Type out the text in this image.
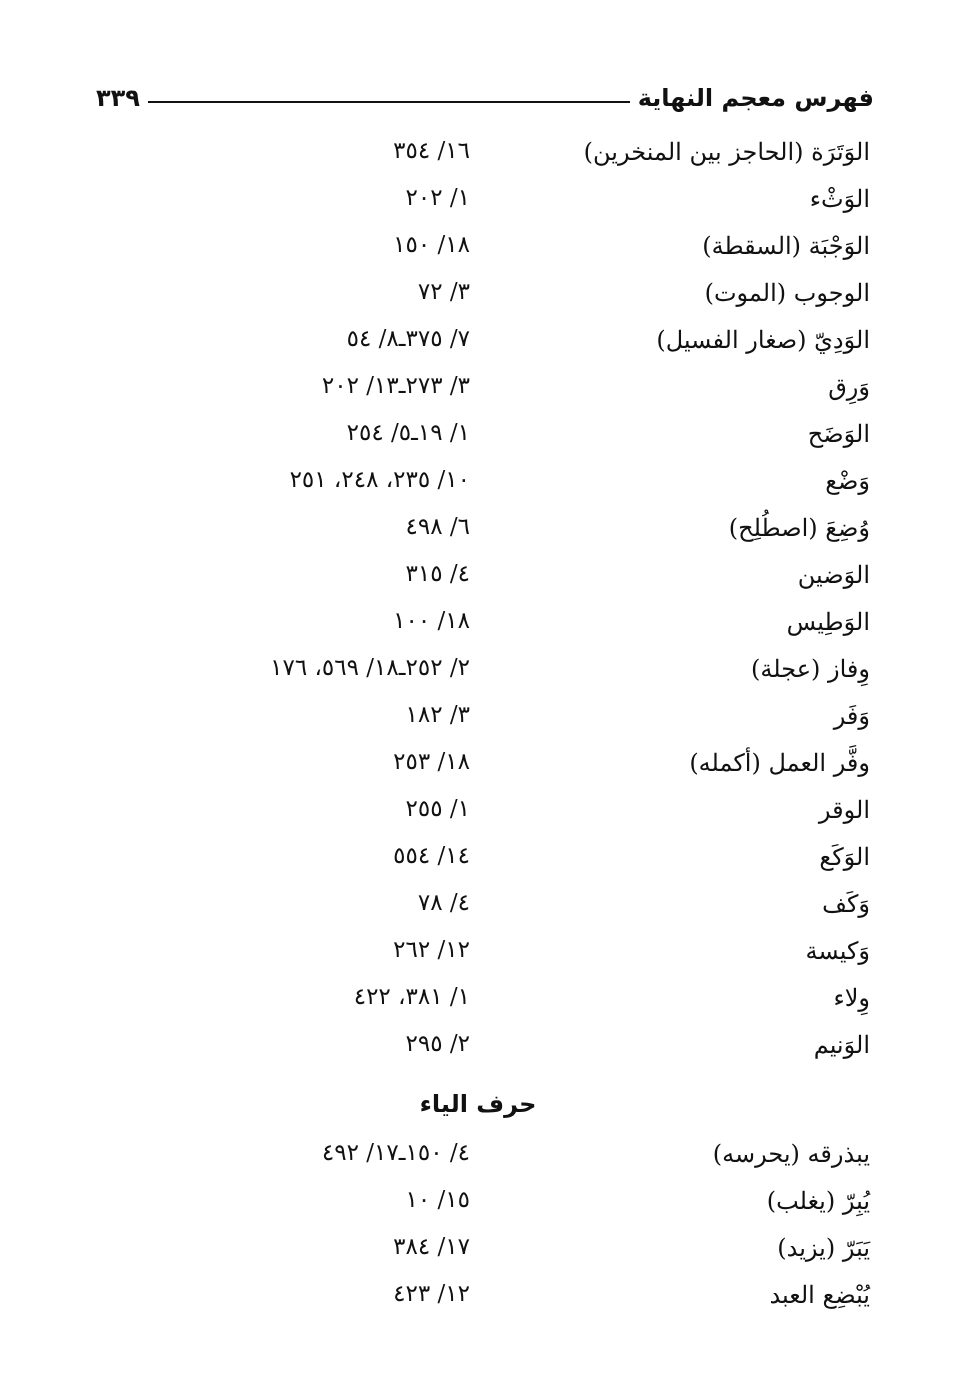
فهرس معجم النهاية
٣٣٩
الوَتَرَة (الحاجز بين المنخرين)
١٦/ ٣٥٤
الوَثْء
١/ ٢٠٢
الوَجْبَة (السقطة)
١٨/ ١٥٠
الوجوب (الموت)
٣/ ٧٢
الوَدِيّ (صغار الفسيل)
٧/ ٣٧٥ـ٨/ ٥٤
وَرِق
٣/ ٢٧٣ـ١٣/ ٢٠٢
الوَضَح
١/ ١٩ـ٥/ ٢٥٤
وَضْع
١٠/ ٢٣٥، ٢٤٨، ٢٥١
وُضِعَ (اصطُلِح)
٦/ ٤٩٨
الوَضين
٤/ ٣١٥
الوَطِيس
١٨/ ١٠٠
وِفاز (عجلة)
٢/ ٢٥٢ـ١٨/ ٥٦٩، ١٧٦
وَفَر
٣/ ١٨٢
وفَّر العمل (أكمله)
١٨/ ٢٥٣
الوقر
١/ ٢٥٥
الوَكَع
١٤/ ٥٥٤
وَكَف
٤/ ٧٨
وَكيسة
١٢/ ٢٦٢
وِلاء
١/ ٣٨١، ٤٢٢
الوَنيم
٢/ ٢٩٥
حرف الياء
يبذرقه (يحرسه)
٤/ ١٥٠ـ١٧/ ٤٩٢
يُبِرّ (يغلب)
١٥/ ١٠
يَبَرّ (يزيد)
١٧/ ٣٨٤
يُبْضِع العبد
١٢/ ٤٢٣
